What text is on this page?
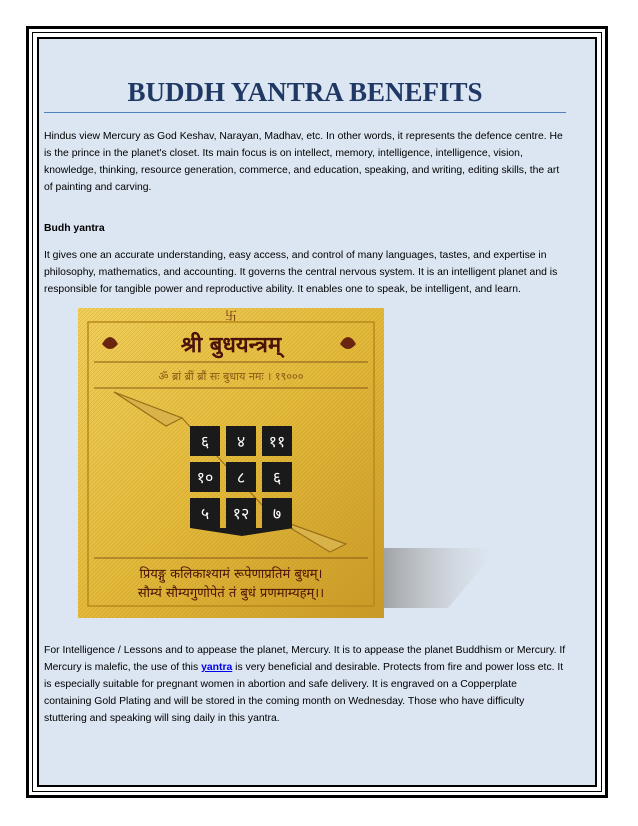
BUDDH YANTRA BENEFITS

Hindus view Mercury as God Keshav, Narayan, Madhav, etc. In other words, it represents the defence centre. He is the prince in the planet's closet. Its main focus is on intellect, memory, intelligence, intelligence, vision, knowledge, thinking, resource generation, commerce, and education, speaking, and writing, editing skills, the art of painting and carving.

Budh yantra

It gives one an accurate understanding, easy access, and control of many languages, tastes, and expertise in philosophy, mathematics, and accounting. It governs the central nervous system. It is an intelligent planet and is responsible for tangible power and reproductive ability. It enables one to speak, be intelligent, and learn.

卐
श्री बुधयन्त्रम्
ॐ ब्रां ब्रीं ब्रौं सः बुधाय नमः । १९०००
६ ४ ११
१० ८ ६
५ १२ ७
प्रियङ्गु कलिकाश्यामं रूपेणाप्रतिमं बुधम्।
सौम्यं सौम्यगुणोपेतं तं बुधं प्रणमाम्यहम्।।

For Intelligence / Lessons and to appease the planet, Mercury. It is to appease the planet Buddhism or Mercury. If Mercury is malefic, the use of this yantra is very beneficial and desirable. Protects from fire and power loss etc. It is especially suitable for pregnant women in abortion and safe delivery. It is engraved on a Copperplate containing Gold Plating and will be stored in the coming month on Wednesday. Those who have difficulty stuttering and speaking will sing daily in this yantra.
